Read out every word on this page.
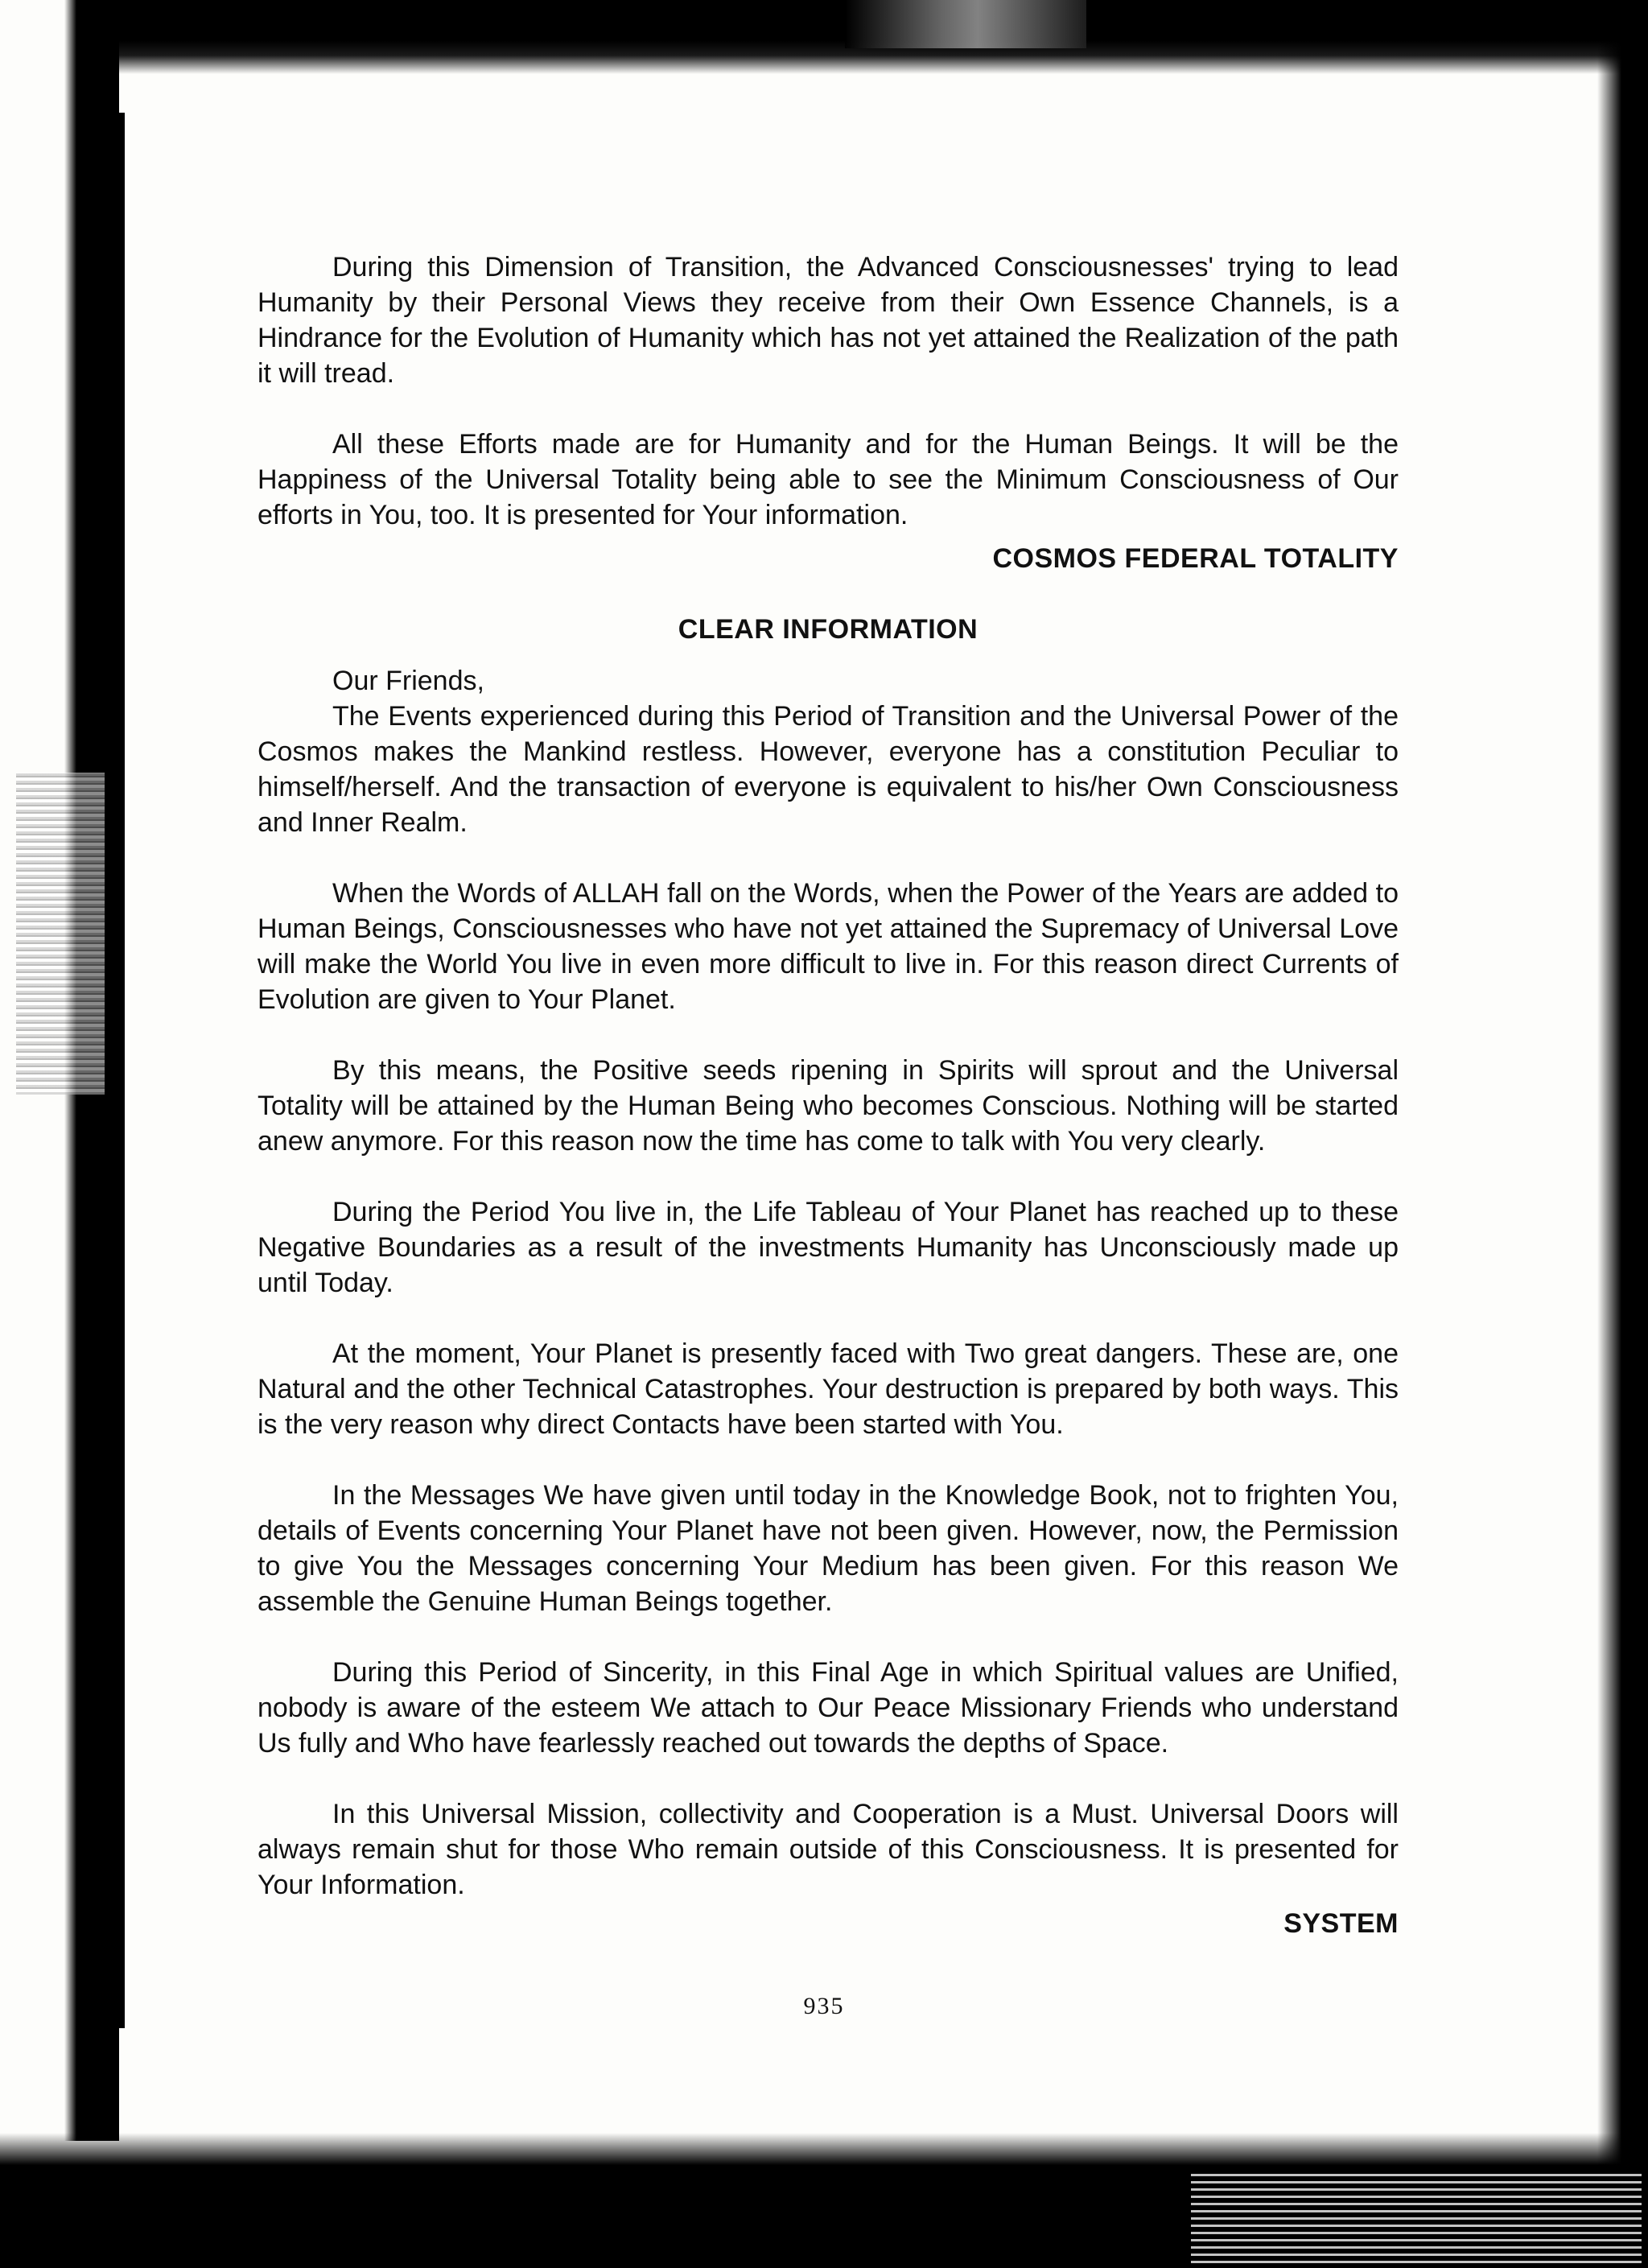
During this Dimension of Transition, the Advanced Consciousnesses' trying to lead Humanity by their Personal Views they receive from their Own Essence Channels, is a Hindrance for the Evolution of Humanity which has not yet attained the Realization of the path it will tread.

All these Efforts made are for Humanity and for the Human Beings. It will be the Happiness of the Universal Totality being able to see the Minimum Consciousness of Our efforts in You, too. It is presented for Your information.

COSMOS FEDERAL TOTALITY

CLEAR INFORMATION

Our Friends,

The Events experienced during this Period of Transition and the Universal Power of the Cosmos makes the Mankind restless. However, everyone has a constitution Peculiar to himself/herself. And the transaction of everyone is equivalent to his/her Own Consciousness and Inner Realm.

When the Words of ALLAH fall on the Words, when the Power of the Years are added to Human Beings, Consciousnesses who have not yet attained the Supremacy of Universal Love will make the World You live in even more difficult to live in. For this reason direct Currents of Evolution are given to Your Planet.

By this means, the Positive seeds ripening in Spirits will sprout and the Universal Totality will be attained by the Human Being who becomes Conscious. Nothing will be started anew anymore. For this reason now the time has come to talk with You very clearly.

During the Period You live in, the Life Tableau of Your Planet has reached up to these Negative Boundaries as a result of the investments Humanity has Unconsciously made up until Today.

At the moment, Your Planet is presently faced with Two great dangers. These are, one Natural and the other Technical Catastrophes. Your destruction is prepared by both ways. This is the very reason why direct Contacts have been started with You.

In the Messages We have given until today in the Knowledge Book, not to frighten You, details of Events concerning Your Planet have not been given. However, now, the Permission to give You the Messages concerning Your Medium has been given. For this reason We assemble the Genuine Human Beings together.

During this Period of Sincerity, in this Final Age in which Spiritual values are Unified, nobody is aware of the esteem We attach to Our Peace Missionary Friends who understand Us fully and Who have fearlessly reached out towards the depths of Space.

In this Universal Mission, collectivity and Cooperation is a Must. Universal Doors will always remain shut for those Who remain outside of this Consciousness. It is presented for Your Information.

SYSTEM

935
